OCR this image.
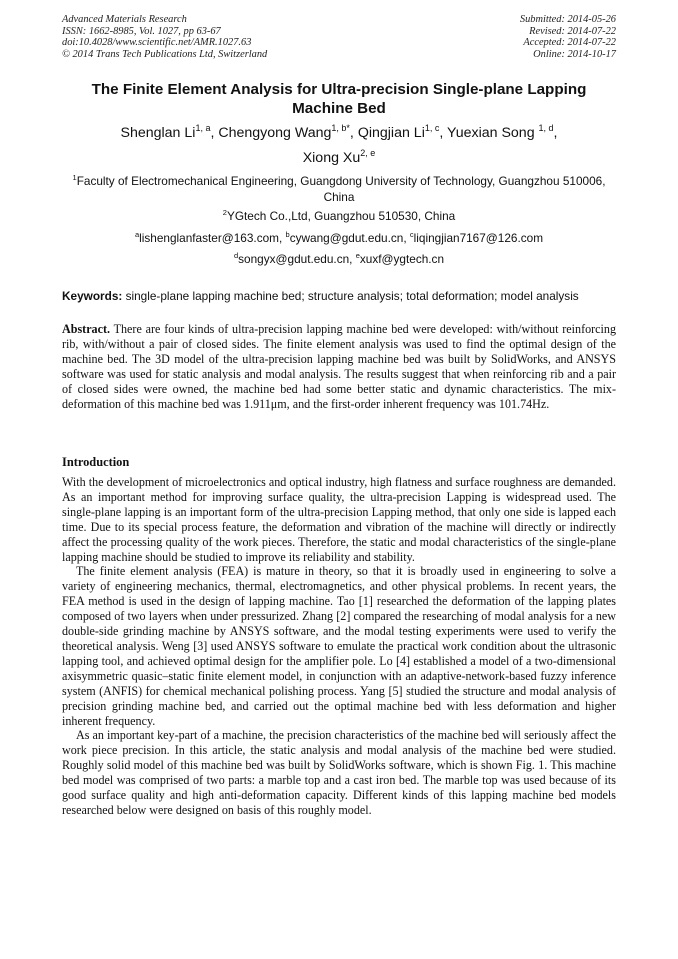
Advanced Materials Research
ISSN: 1662-8985, Vol. 1027, pp 63-67
doi:10.4028/www.scientific.net/AMR.1027.63
© 2014 Trans Tech Publications Ltd, Switzerland
Submitted: 2014-05-26
Revised: 2014-07-22
Accepted: 2014-07-22
Online: 2014-10-17
The Finite Element Analysis for Ultra-precision Single-plane Lapping Machine Bed
Shenglan Li$^{1, a}$, Chengyong Wang$^{1, b*}$, Qingjian Li$^{1, c}$, Yuexian Song $^{1, d}$,
Xiong Xu$^{2, e}$
$^1$Faculty of Electromechanical Engineering, Guangdong University of Technology, Guangzhou 510006, China
$^2$YGtech Co.,Ltd, Guangzhou 510530, China
$^a$lishenglanfaster@163.com, $^b$cywang@gdut.edu.cn, $^c$liqingjian7167@126.com
$^d$songyx@gdut.edu.cn, $^e$xuxf@ygtech.cn
Keywords: single-plane lapping machine bed; structure analysis; total deformation; model analysis
Abstract. There are four kinds of ultra-precision lapping machine bed were developed: with/without reinforcing rib, with/without a pair of closed sides. The finite element analysis was used to find the optimal design of the machine bed. The 3D model of the ultra-precision lapping machine bed was built by SolidWorks, and ANSYS software was used for static analysis and modal analysis. The results suggest that when reinforcing rib and a pair of closed sides were owned, the machine bed had some better static and dynamic characteristics. The mix-deformation of this machine bed was 1.911μm, and the first-order inherent frequency was 101.74Hz.
Introduction

With the development of microelectronics and optical industry, high flatness and surface roughness are demanded. As an important method for improving surface quality, the ultra-precision Lapping is widespread used. The single-plane lapping is an important form of the ultra-precision Lapping method, that only one side is lapped each time. Due to its special process feature, the deformation and vibration of the machine will directly or indirectly affect the processing quality of the work pieces. Therefore, the static and modal characteristics of the single-plane lapping machine should be studied to improve its reliability and stability.

The finite element analysis (FEA) is mature in theory, so that it is broadly used in engineering to solve a variety of engineering mechanics, thermal, electromagnetics, and other physical problems. In recent years, the FEA method is used in the design of lapping machine. Tao [1] researched the deformation of the lapping plates composed of two layers when under pressurized. Zhang [2] compared the researching of modal analysis for a new double-side grinding machine by ANSYS software, and the modal testing experiments were used to verify the theoretical analysis. Weng [3] used ANSYS software to emulate the practical work condition about the ultrasonic lapping tool, and achieved optimal design for the amplifier pole. Lo [4] established a model of a two-dimensional axisymmetric quasic–static finite element model, in conjunction with an adaptive-network-based fuzzy inference system (ANFIS) for chemical mechanical polishing process. Yang [5] studied the structure and modal analysis of precision grinding machine bed, and carried out the optimal machine bed with less deformation and higher inherent frequency.

As an important key-part of a machine, the precision characteristics of the machine bed will seriously affect the work piece precision. In this article, the static analysis and modal analysis of the machine bed were studied. Roughly solid model of this machine bed was built by SolidWorks software, which is shown Fig. 1. This machine bed model was comprised of two parts: a marble top and a cast iron bed. The marble top was used because of its good surface quality and high anti-deformation capacity. Different kinds of this lapping machine bed models researched below were designed on basis of this roughly model.
